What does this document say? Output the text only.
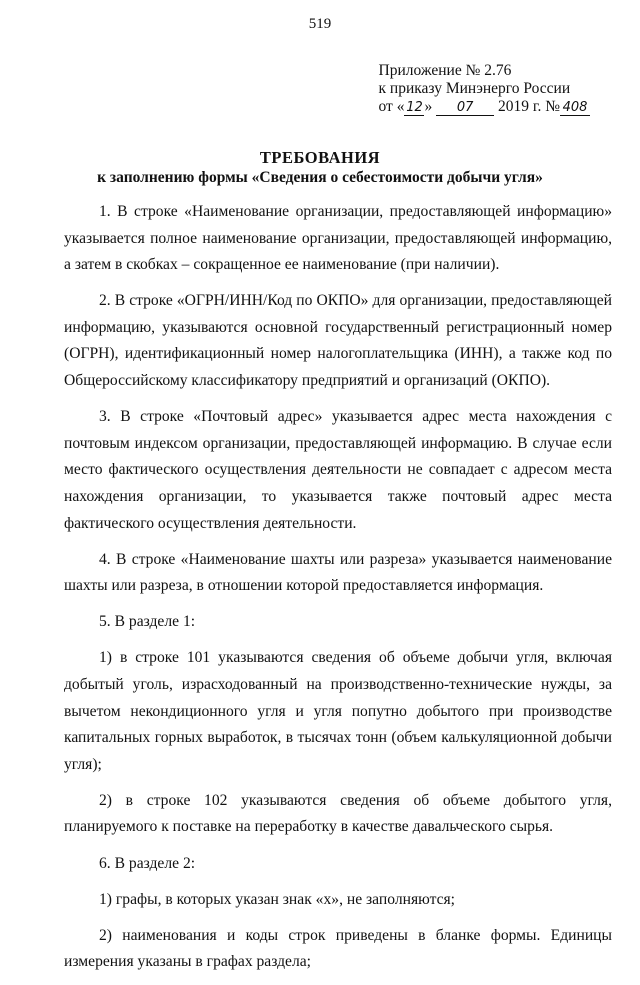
519
Приложение № 2.76
к приказу Минэнерго России
от « 12 » 07 2019 г. № 408
ТРЕБОВАНИЯ
к заполнению формы «Сведения о себестоимости добычи угля»

1. В строке «Наименование организации, предоставляющей информацию» указывается полное наименование организации, предоставляющей информацию, а затем в скобках – сокращенное ее наименование (при наличии).

2. В строке «ОГРН/ИНН/Код по ОКПО» для организации, предоставляющей информацию, указываются основной государственный регистрационный номер (ОГРН), идентификационный номер налогоплательщика (ИНН), а также код по Общероссийскому классификатору предприятий и организаций (ОКПО).

3. В строке «Почтовый адрес» указывается адрес места нахождения с почтовым индексом организации, предоставляющей информацию. В случае если место фактического осуществления деятельности не совпадает с адресом места нахождения организации, то указывается также почтовый адрес места фактического осуществления деятельности.

4. В строке «Наименование шахты или разреза» указывается наименование шахты или разреза, в отношении которой предоставляется информация.

5. В разделе 1:

1) в строке 101 указываются сведения об объеме добычи угля, включая добытый уголь, израсходованный на производственно-технические нужды, за вычетом некондиционного угля и угля попутно добытого при производстве капитальных горных выработок, в тысячах тонн (объем калькуляционной добычи угля);

2) в строке 102 указываются сведения об объеме добытого угля, планируемого к поставке на переработку в качестве давальческого сырья.

6. В разделе 2:

1) графы, в которых указан знак «х», не заполняются;

2) наименования и коды строк приведены в бланке формы. Единицы измерения указаны в графах раздела;
